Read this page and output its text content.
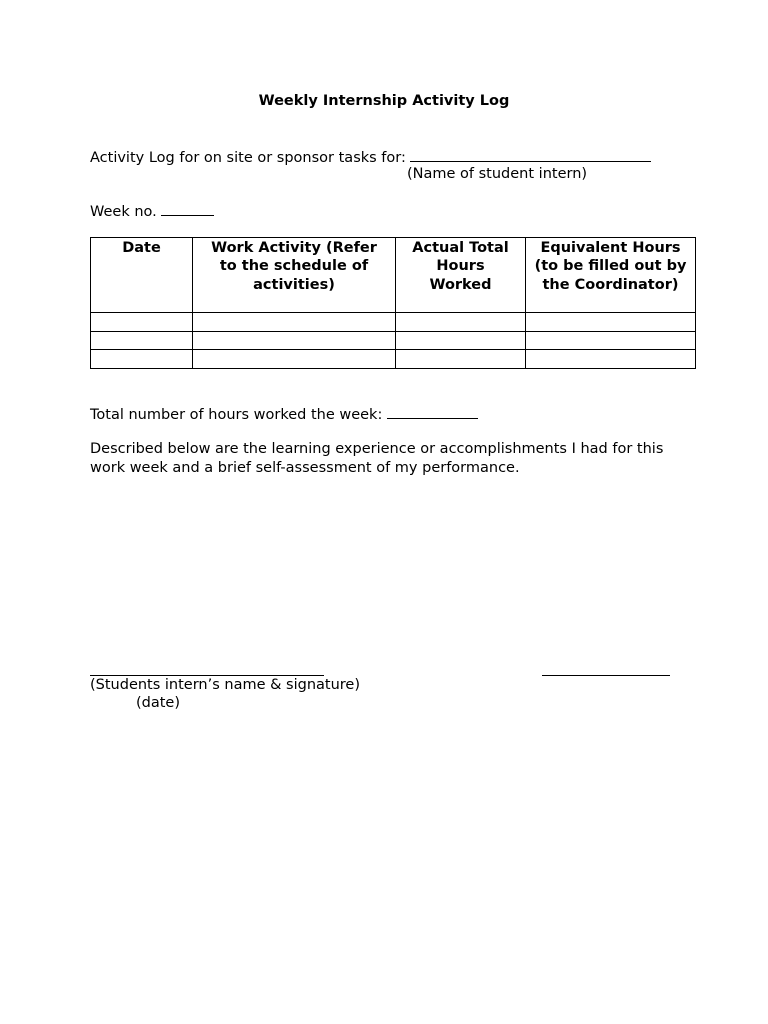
Weekly Internship Activity Log
Activity Log for on site or sponsor tasks for:
(Name of student intern)
Week no.
Date	Work Activity (Refer to the schedule of activities)	Actual Total Hours Worked	Equivalent Hours (to be filled out by the Coordinator)

Total number of hours worked the week:
Described below are the learning experience or accomplishments I had for this work week and a brief self-assessment of my performance.
(Students intern’s name & signature)
(date)
